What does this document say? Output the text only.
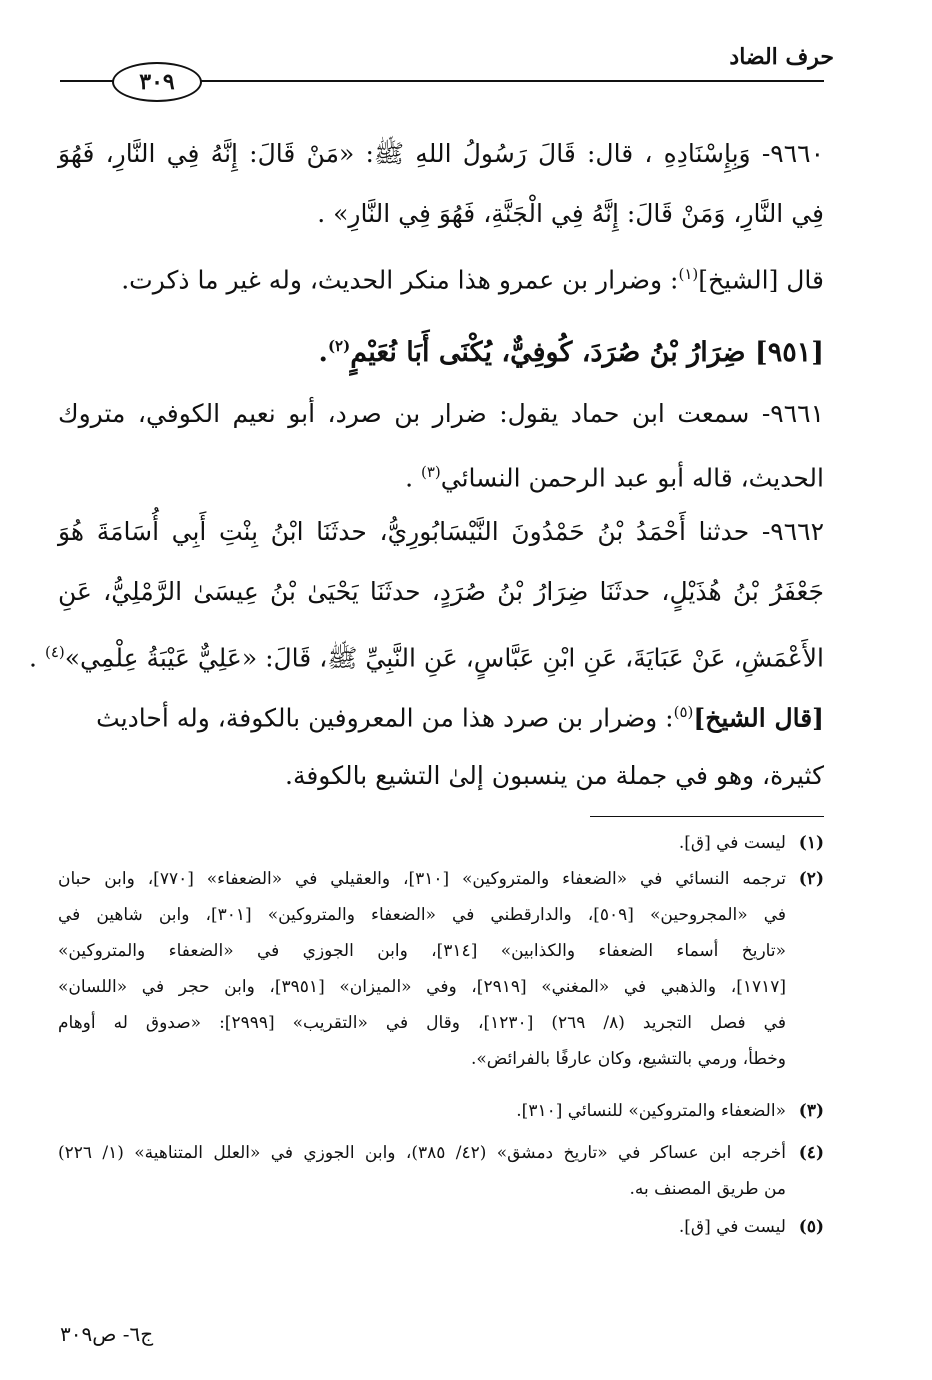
حرف الضاد
٣٠٩
٩٦٦٠- وَبِإِسْنَادِهِ ، قال: قَالَ رَسُولُ اللهِ ﷺ: «مَنْ قَالَ: إِنَّهُ فِي النَّارِ، فَهُوَ
فِي النَّارِ، وَمَنْ قَالَ: إِنَّهُ فِي الْجَنَّةِ، فَهُوَ فِي النَّارِ» .
قال [الشيخ]$^{(١)}$: وضرار بن عمرو هذا منكر الحديث، وله غير ما ذكرت.
[٩٥١] ضِرَارُ بْنُ صُرَدَ، كُوفِيٌّ، يُكْنَى أَبَا نُعَيْمٍ$^{(٢)}$.
٩٦٦١- سمعت ابن حماد يقول: ضرار بن صرد، أبو نعيم الكوفي، متروك
الحديث، قاله أبو عبد الرحمن النسائي$^{(٣)}$ .
٩٦٦٢- حدثنا أَحْمَدُ بْنُ حَمْدُونَ النَّيْسَابُورِيُّ، حدثَنَا ابْنُ بِنْتِ أَبِي أُسَامَةَ هُوَ
جَعْفَرُ بْنُ هُذَيْلٍ، حدثَنَا ضِرَارُ بْنُ صُرَدٍ، حدثَنَا يَحْيَىٰ بْنُ عِيسَىٰ الرَّمْلِيُّ، عَنِ
الأَعْمَشِ، عَنْ عَبَايَةَ، عَنِ ابْنِ عَبَّاسٍ، عَنِ النَّبِيِّ ﷺ، قَالَ: «عَلِيٌّ عَيْبَةُ عِلْمِي»$^{(٤)}$ .
[قال الشيخ]$^{(٥)}$: وضرار بن صرد هذا من المعروفين بالكوفة، وله أحاديث
كثيرة، وهو في جملة من ينسبون إلىٰ التشيع بالكوفة.
(١)ليست في [ق].
(٢)ترجمه النسائي في «الضعفاء والمتروكين» [٣١٠]، والعقيلي في «الضعفاء» [٧٧٠]، وابن حبان
في «المجروحين» [٥٠٩]، والدارقطني في «الضعفاء والمتروكين» [٣٠١]، وابن شاهين في
«تاريخ أسماء الضعفاء والكذابين» [٣١٤]، وابن الجوزي في «الضعفاء والمتروكين»
[١٧١٧]، والذهبي في «المغني» [٢٩١٩]، وفي «الميزان» [٣٩٥١]، وابن حجر في «اللسان»
في فصل التجريد (٨/ ٢٦٩) [١٢٣٠]، وقال في «التقريب» [٢٩٩٩]: «صدوق له أوهام
وخطأ، ورمي بالتشيع، وكان عارفًا بالفرائض».
(٣)«الضعفاء والمتروكين» للنسائي [٣١٠].
(٤)أخرجه ابن عساكر في «تاريخ دمشق» (٤٢/ ٣٨٥)، وابن الجوزي في «العلل المتناهية» (١/ ٢٢٦)
من طريق المصنف به.
(٥)ليست في [ق].
ج٦- ص٣٠٩
